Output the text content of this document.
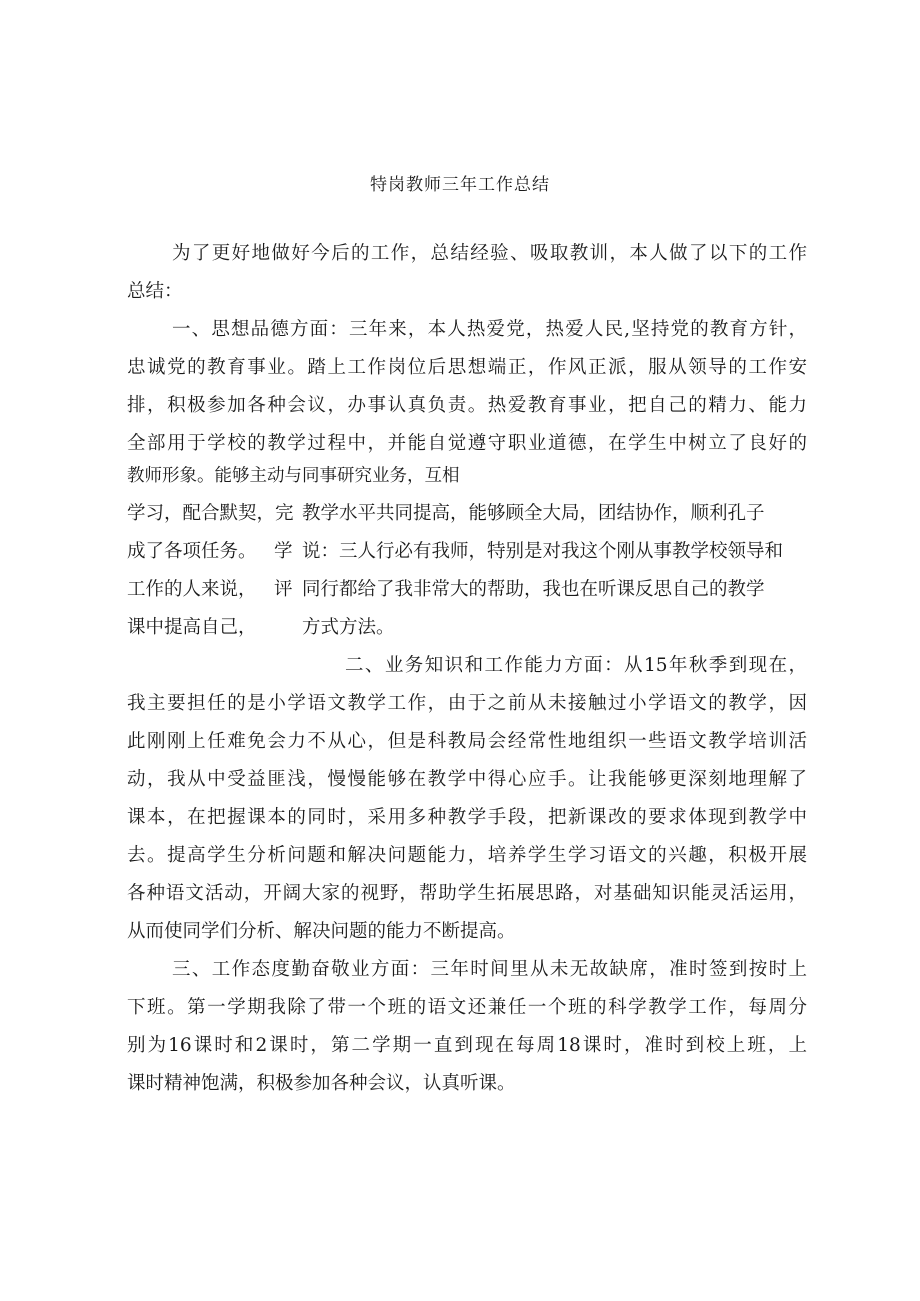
特岗教师三年工作总结
为了更好地做好今后的工作，总结经验、吸取教训，本人做了以下的工作
总结：
一、思想品德方面：三年来，本人热爱党，热爱人民,坚持党的教育方针，
忠诚党的教育事业。踏上工作岗位后思想端正，作风正派，服从领导的工作安
排，积极参加各种会议，办事认真负责。热爱教育事业，把自己的精力、能力
全部用于学校的教学过程中，并能自觉遵守职业道德，在学生中树立了良好的
教师形象。能够主动与同事研究业务，互相
学习，配合默契，完 教学水平共同提高，能够顾全大局，团结协作，顺利孔子
成了各项任务。 学 说：三人行必有我师，特别是对我这个刚从事教学校领导和
工作的人来说， 评 同行都给了我非常大的帮助，我也在听课反思自己的教学
课中提高自己， 方式方法。
二、业务知识和工作能力方面：从15年秋季到现在，
我主要担任的是小学语文教学工作，由于之前从未接触过小学语文的教学，因
此刚刚上任难免会力不从心，但是科教局会经常性地组织一些语文教学培训活
动，我从中受益匪浅，慢慢能够在教学中得心应手。让我能够更深刻地理解了
课本，在把握课本的同时，采用多种教学手段，把新课改的要求体现到教学中
去。提高学生分析问题和解决问题能力，培养学生学习语文的兴趣，积极开展
各种语文活动，开阔大家的视野，帮助学生拓展思路，对基础知识能灵活运用，
从而使同学们分析、解决问题的能力不断提高。
三、工作态度勤奋敬业方面：三年时间里从未无故缺席，准时签到按时上
下班。第一学期我除了带一个班的语文还兼任一个班的科学教学工作，每周分
别为16课时和2课时，第二学期一直到现在每周18课时，准时到校上班，上
课时精神饱满，积极参加各种会议，认真听课。
